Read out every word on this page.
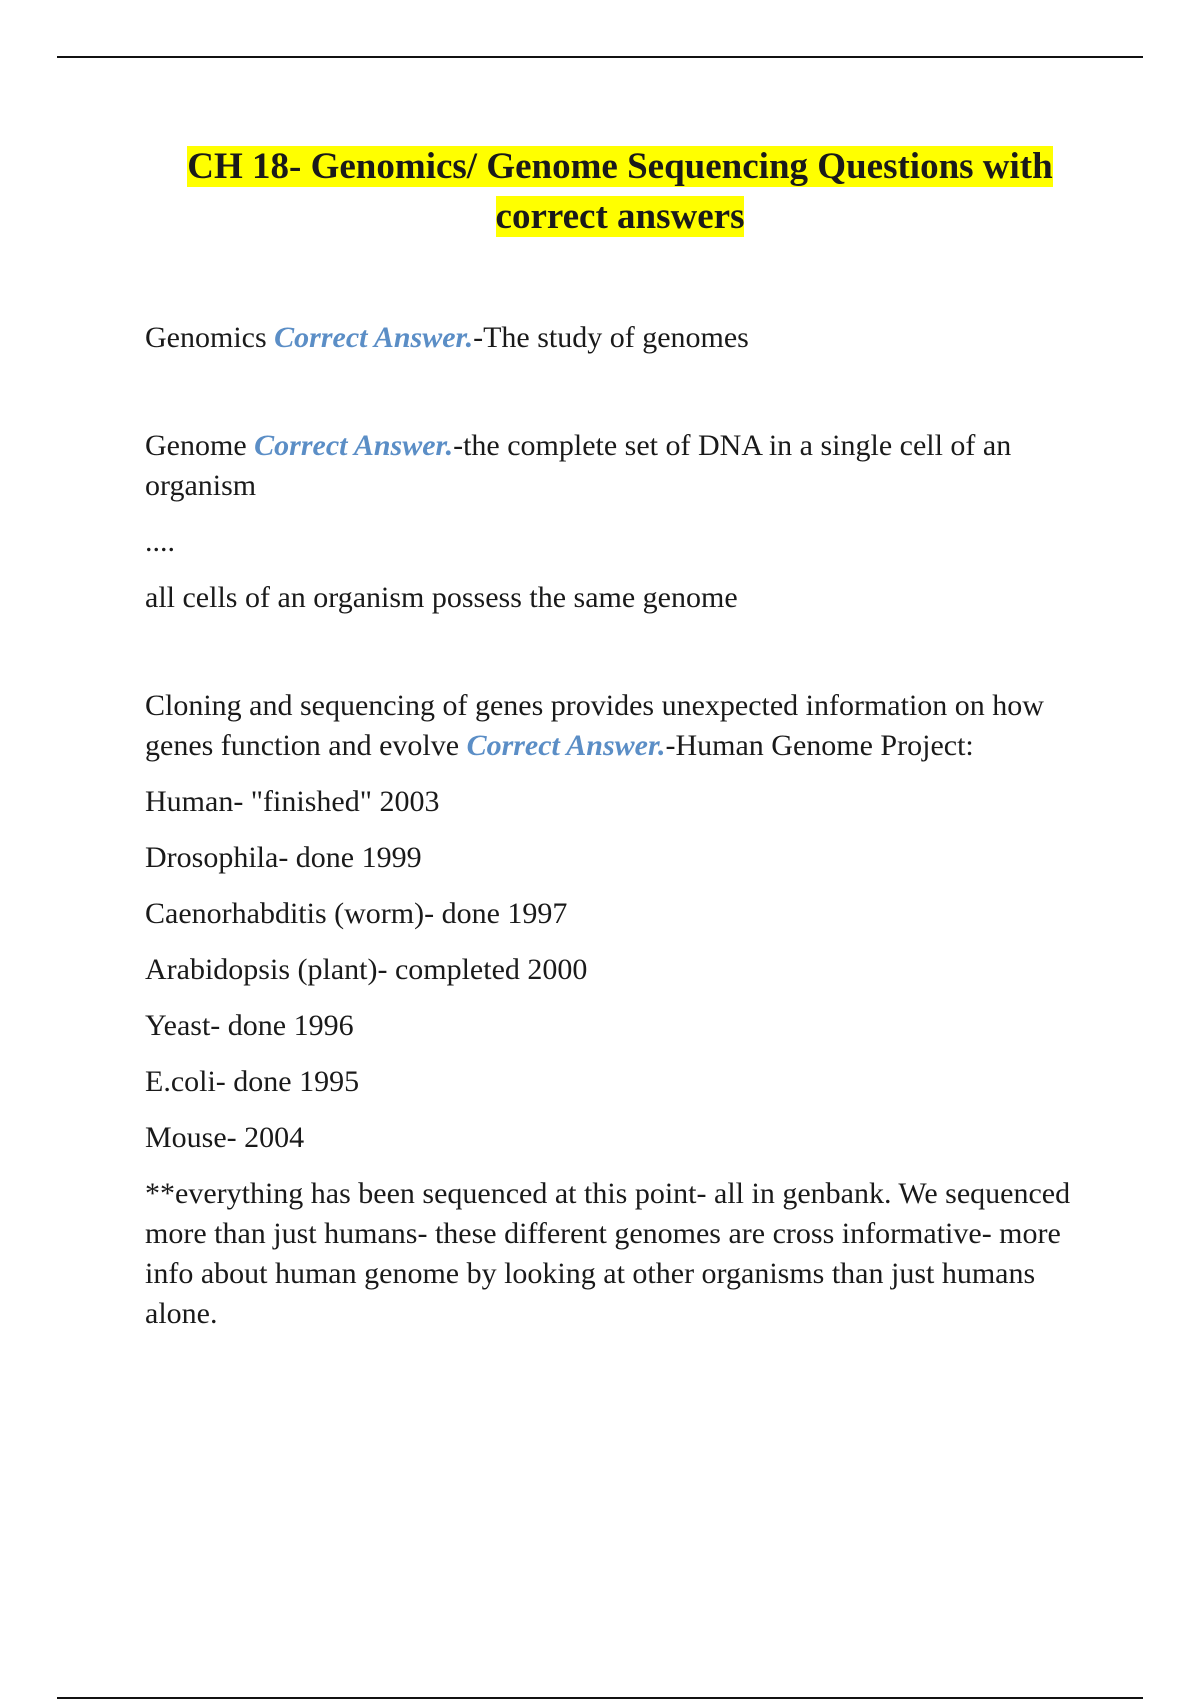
CH 18- Genomics/ Genome Sequencing Questions with
correct answers

Genomics Correct Answer.-The study of genomes

Genome Correct Answer.-the complete set of DNA in a single cell of an organism

....

all cells of an organism possess the same genome

Cloning and sequencing of genes provides unexpected information on how genes function and evolve Correct Answer.-Human Genome Project:

Human- "finished" 2003

Drosophila- done 1999

Caenorhabditis (worm)- done 1997

Arabidopsis (plant)- completed 2000

Yeast- done 1996

E.coli- done 1995

Mouse- 2004

**everything has been sequenced at this point- all in genbank. We sequenced more than just humans- these different genomes are cross informative- more info about human genome by looking at other organisms than just humans alone.
